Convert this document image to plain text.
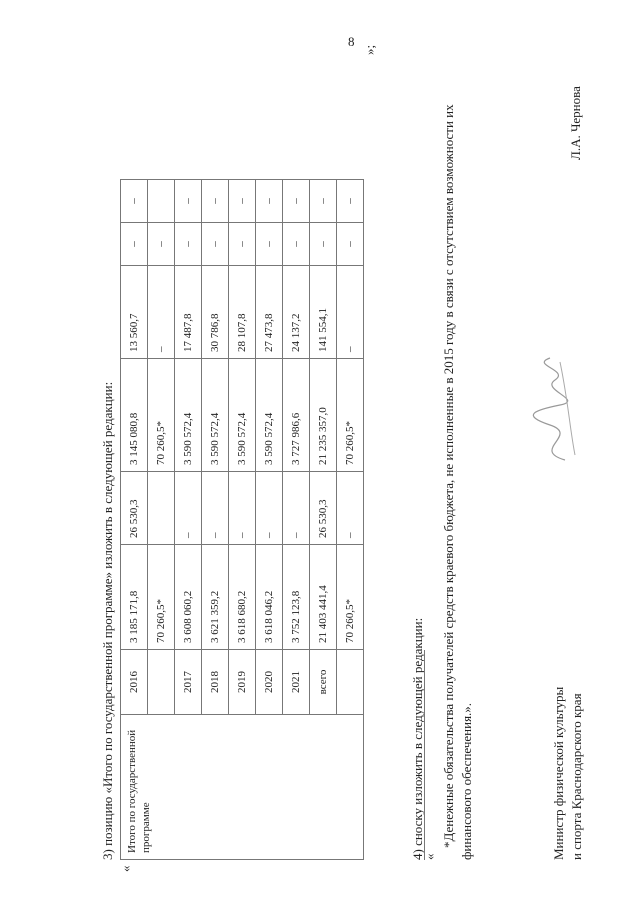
8
3) позицию «Итого по государственной программе» изложить в следующей редакции:
«
Итого по государственной программе	2016	3 185 171,8	26 530,3	3 145 080,8	13 560,7	–	–
		70 260,5*		70 260,5*	–	–	
	2017	3 608 060,2	–	3 590 572,4	17 487,8	–	–
	2018	3 621 359,2	–	3 590 572,4	30 786,8	–	–
	2019	3 618 680,2	–	3 590 572,4	28 107,8	–	–
	2020	3 618 046,2	–	3 590 572,4	27 473,8	–	–
	2021	3 752 123,8	–	3 727 986,6	24 137,2	–	–
	всего	21 403 441,4	26 530,3	21 235 357,0	141 554,1	–	–
		70 260,5*	–	70 260,5*	–	–	–
»;
4) сноску изложить в следующей редакции:
«
*Денежные обязательства получателей средств краевого бюджета, не исполненные в 2015 году в связи с отсутствием возможности их финансового обеспечения.».	Министр физической культуры и спорта Краснодарского края
Л.А. Чернова
